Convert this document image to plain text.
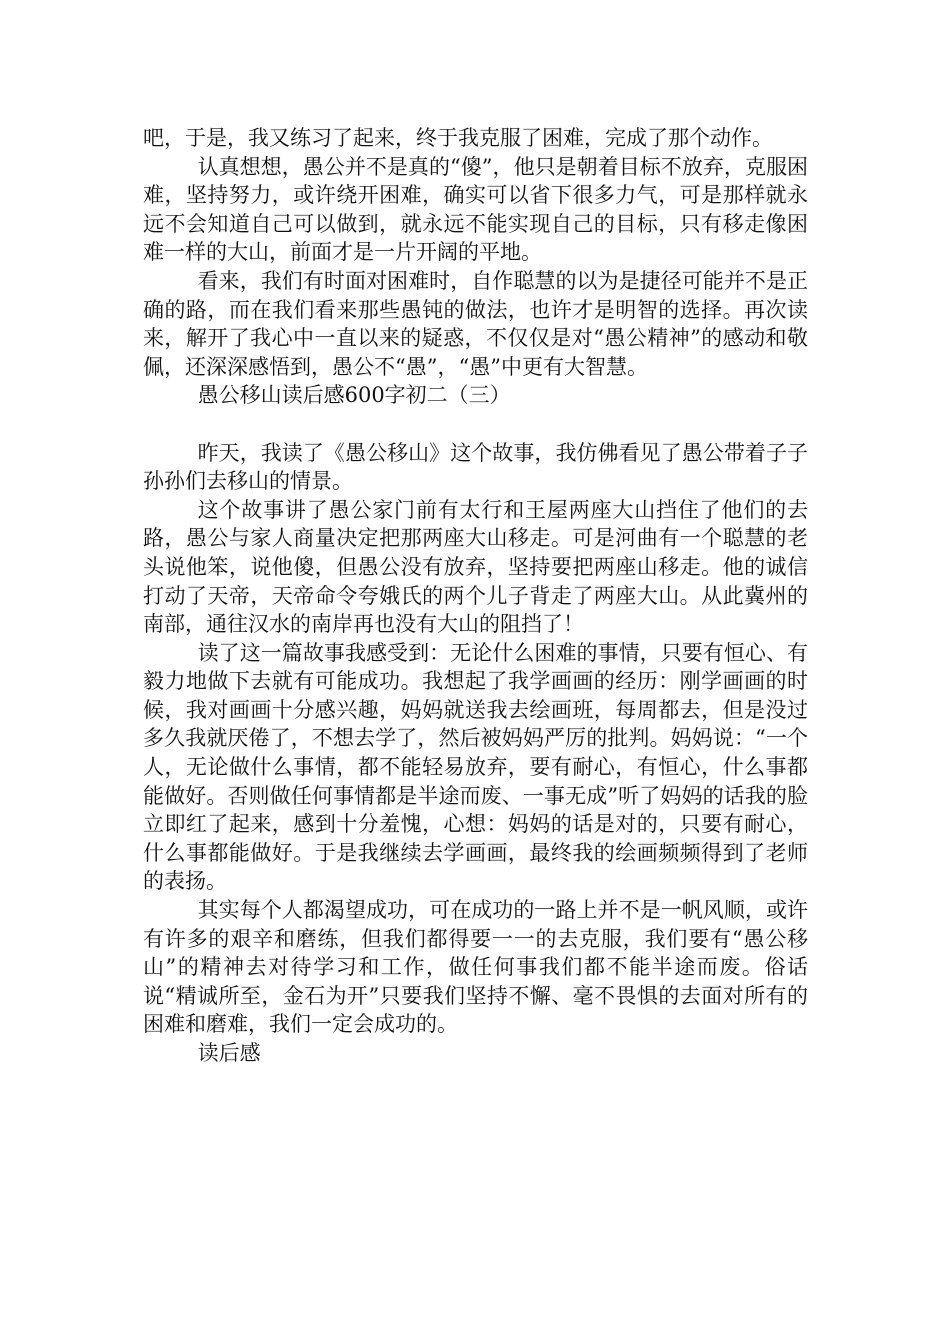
吧，于是，我又练习了起来，终于我克服了困难，完成了那个动作。

认真想想，愚公并不是真的“傻”，他只是朝着目标不放弃，克服困难，坚持努力，或许绕开困难，确实可以省下很多力气，可是那样就永远不会知道自己可以做到，就永远不能实现自己的目标，只有移走像困难一样的大山，前面才是一片开阔的平地。

看来，我们有时面对困难时，自作聪慧的以为是捷径可能并不是正确的路，而在我们看来那些愚钝的做法，也许才是明智的选择。再次读来，解开了我心中一直以来的疑惑，不仅仅是对“愚公精神”的感动和敬佩，还深深感悟到，愚公不“愚”，“愚”中更有大智慧。

愚公移山读后感600字初二（三）

昨天，我读了《愚公移山》这个故事，我仿佛看见了愚公带着子子孙孙们去移山的情景。

这个故事讲了愚公家门前有太行和王屋两座大山挡住了他们的去路，愚公与家人商量决定把那两座大山移走。可是河曲有一个聪慧的老头说他笨，说他傻，但愚公没有放弃，坚持要把两座山移走。他的诚信打动了天帝，天帝命令夸娥氏的两个儿子背走了两座大山。从此冀州的南部，通往汉水的南岸再也没有大山的阻挡了！

读了这一篇故事我感受到：无论什么困难的事情，只要有恒心、有毅力地做下去就有可能成功。我想起了我学画画的经历：刚学画画的时候，我对画画十分感兴趣，妈妈就送我去绘画班，每周都去，但是没过多久我就厌倦了，不想去学了，然后被妈妈严厉的批判。妈妈说：“一个人，无论做什么事情，都不能轻易放弃，要有耐心，有恒心，什么事都能做好。否则做任何事情都是半途而废、一事无成”听了妈妈的话我的脸立即红了起来，感到十分羞愧，心想：妈妈的话是对的，只要有耐心，什么事都能做好。于是我继续去学画画，最终我的绘画频频得到了老师的表扬。

其实每个人都渴望成功，可在成功的一路上并不是一帆风顺，或许有许多的艰辛和磨练，但我们都得要一一的去克服，我们要有“愚公移山”的精神去对待学习和工作，做任何事我们都不能半途而废。俗话说“精诚所至，金石为开”只要我们坚持不懈、毫不畏惧的去面对所有的困难和磨难，我们一定会成功的。

读后感
